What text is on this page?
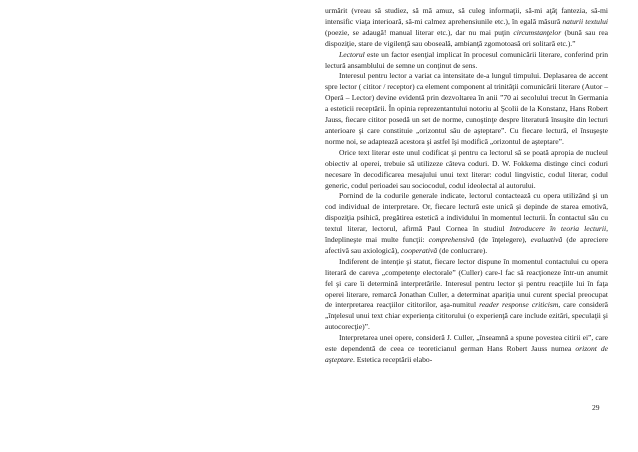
urmărit (vreau să studiez, să mă amuz, să culeg informaţii, să-mi aţâţ fantezia, să-mi intensific viaţa interioară, să-mi calmez aprehensiunile etc.), în egală măsură naturii textului (poezie, se adaugă! manual literar etc.), dar nu mai puţin circumstanţelor (bună sau rea dispoziţie, stare de vigilenţă sau oboseală, ambianţă zgomotoasă ori solitară etc.).”

Lectorul este un factor esenţial implicat în procesul comunicării literare, conferind prin lectură ansamblului de semne un conţinut de sens.

Interesul pentru lector a variat ca intensitate de-a lungul timpului. Deplasarea de accent spre lector ( cititor / receptor) ca element component al trinităţii comunicării literare (Autor – Operă – Lector) devine evidentă prin dezvoltarea în anii ”70 ai secolului trecut în Germania a esteticii receptării. În opinia reprezentantului notoriu al Şcolii de la Konstanz, Hans Robert Jauss, fiecare cititor posedă un set de norme, cunoştinţe despre literatură însuşite din lecturi anterioare şi care constituie „orizontul său de aşteptare”. Cu fiecare lectură, el însuşeşte norme noi, se adaptează acestora şi astfel îşi modifică „orizontul de aşteptare”.

Orice text literar este unul codificat şi pentru ca lectorul să se poată apropia de nucleul obiectiv al operei, trebuie să utilizeze câteva coduri. D. W. Fokkema distinge cinci coduri necesare în decodificarea mesajului unui text literar: codul lingvistic, codul literar, codul generic, codul perioadei sau sociocodul, codul ideolectal al autorului.

Pornind de la codurile generale indicate, lectorul contactează cu opera utilizând şi un cod individual de interpretare. Or, fiecare lectură este unică şi depinde de starea emotivă, dispoziţia psihică, pregătirea estetică a individului în momentul lecturii. În contactul său cu textul literar, lectorul, afirmă Paul Cornea în studiul Introducere în teoria lecturii, îndeplineşte mai multe funcţii: comprehensivă (de înţelegere), evaluativă (de apreciere afectivă sau axiologică), cooperativă (de conlucrare).

Indiferent de intenţie şi statut, fiecare lector dispune în momentul contactului cu opera literară de careva „competenţe electorale” (Culler) care-l fac să reacţioneze într-un anumit fel şi care îi determină interpretările. Interesul pentru lector şi pentru reacţiile lui în faţa operei literare, remarcă Jonathan Culler, a determinat apariţia unui curent special preocupat de interpretarea reacţiilor cititorilor, aşa-numitul reader response criticism, care consideră „înţelesul unui text chiar experienţa cititorului (o experienţă care include ezitări, speculaţii şi autocorecţie)”.

Interpretarea unei opere, consideră J. Culler, „înseamnă a spune povestea citirii ei”, care este dependentă de ceea ce teoreticianul german Hans Robert Jauss numea orizont de aşteptare. Estetica receptării elabo-

29
